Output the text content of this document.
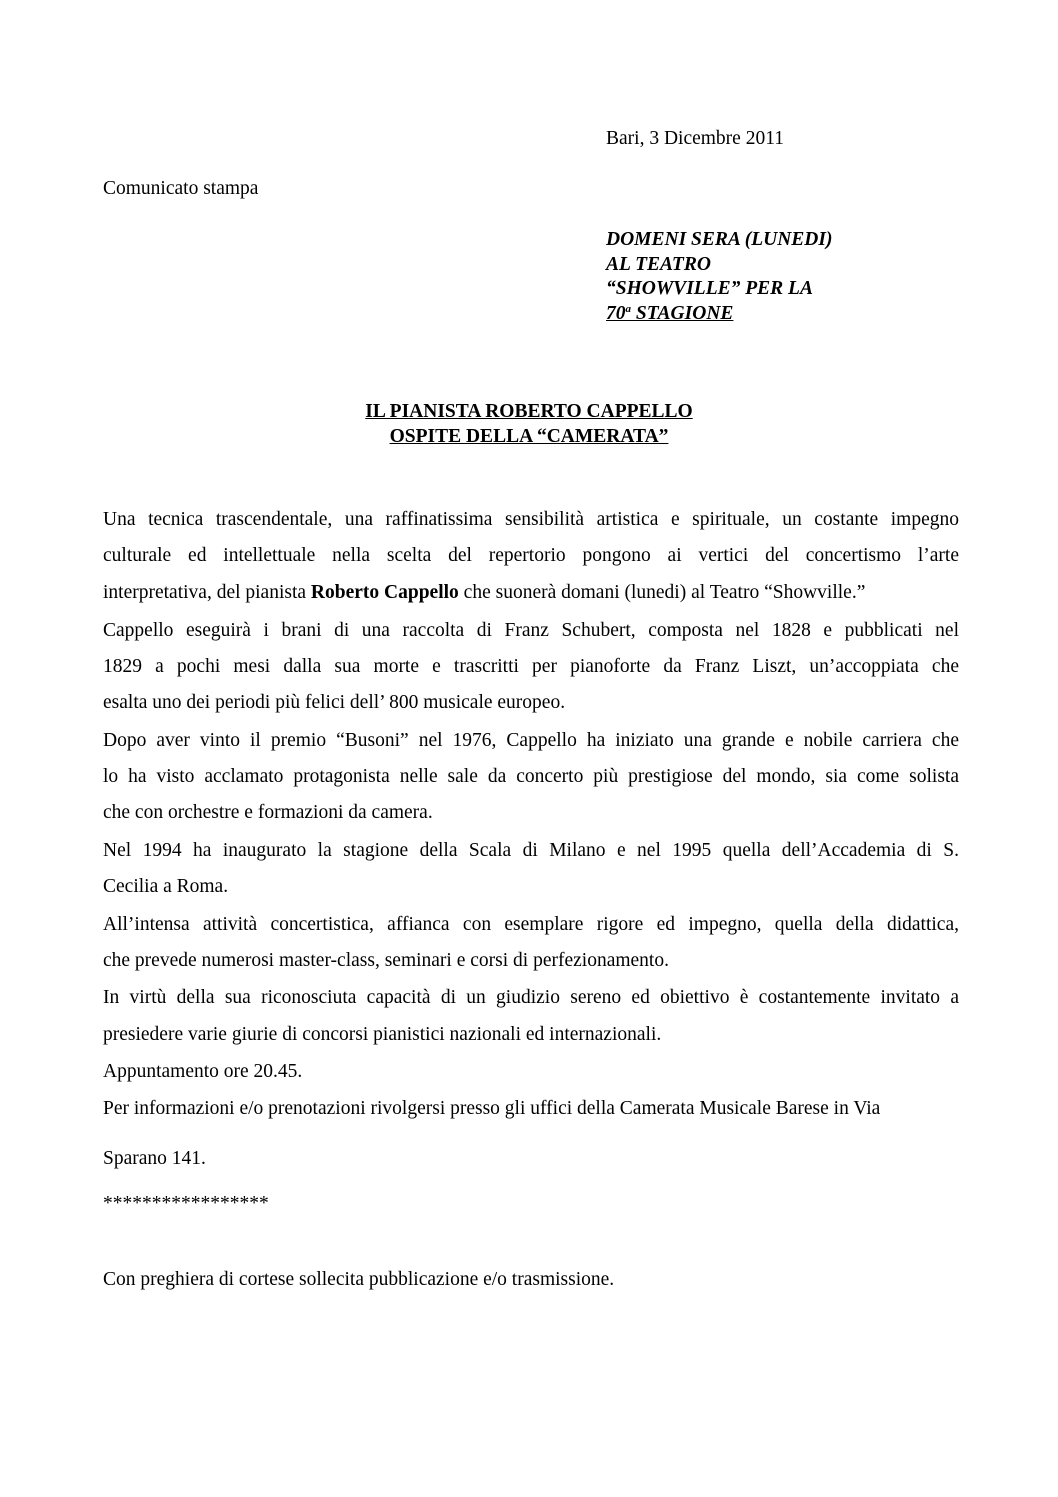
Bari, 3 Dicembre 2011
Comunicato stampa
DOMENI SERA (LUNEDI)
AL TEATRO
“SHOWVILLE” PER LA
70$^a$ STAGIONE
IL PIANISTA ROBERTO CAPPELLO
OSPITE DELLA “CAMERATA”
Una tecnica trascendentale, una raffinatissima sensibilità artistica e spirituale, un costante impegno
culturale ed intellettuale nella scelta del repertorio pongono ai vertici del concertismo l’arte
interpretativa, del pianista Roberto Cappello che suonerà domani (lunedi) al Teatro “Showville.”
Cappello eseguirà i brani di una raccolta di Franz Schubert, composta nel 1828 e pubblicati nel
1829 a pochi mesi dalla sua morte e trascritti per pianoforte da Franz Liszt, un’accoppiata che
esalta uno dei periodi più felici dell’ 800 musicale europeo.
Dopo aver vinto il premio “Busoni” nel 1976, Cappello ha iniziato una grande e nobile carriera che
lo ha visto acclamato protagonista nelle sale da concerto più prestigiose del mondo, sia come solista
che con orchestre e formazioni da camera.
Nel 1994 ha inaugurato la stagione della Scala di Milano e nel 1995 quella dell’Accademia di S.
Cecilia a Roma.
All’intensa attività concertistica, affianca con esemplare rigore ed impegno, quella della didattica,
che prevede numerosi master-class, seminari e corsi di perfezionamento.
In virtù della sua riconosciuta capacità di un giudizio sereno ed obiettivo è costantemente invitato a
presiedere varie giurie di concorsi pianistici nazionali ed internazionali.
Appuntamento ore 20.45.
Per informazioni e/o prenotazioni rivolgersi presso gli uffici della Camerata Musicale Barese in Via
Sparano 141.
*****************
Con preghiera di cortese sollecita pubblicazione e/o trasmissione.
